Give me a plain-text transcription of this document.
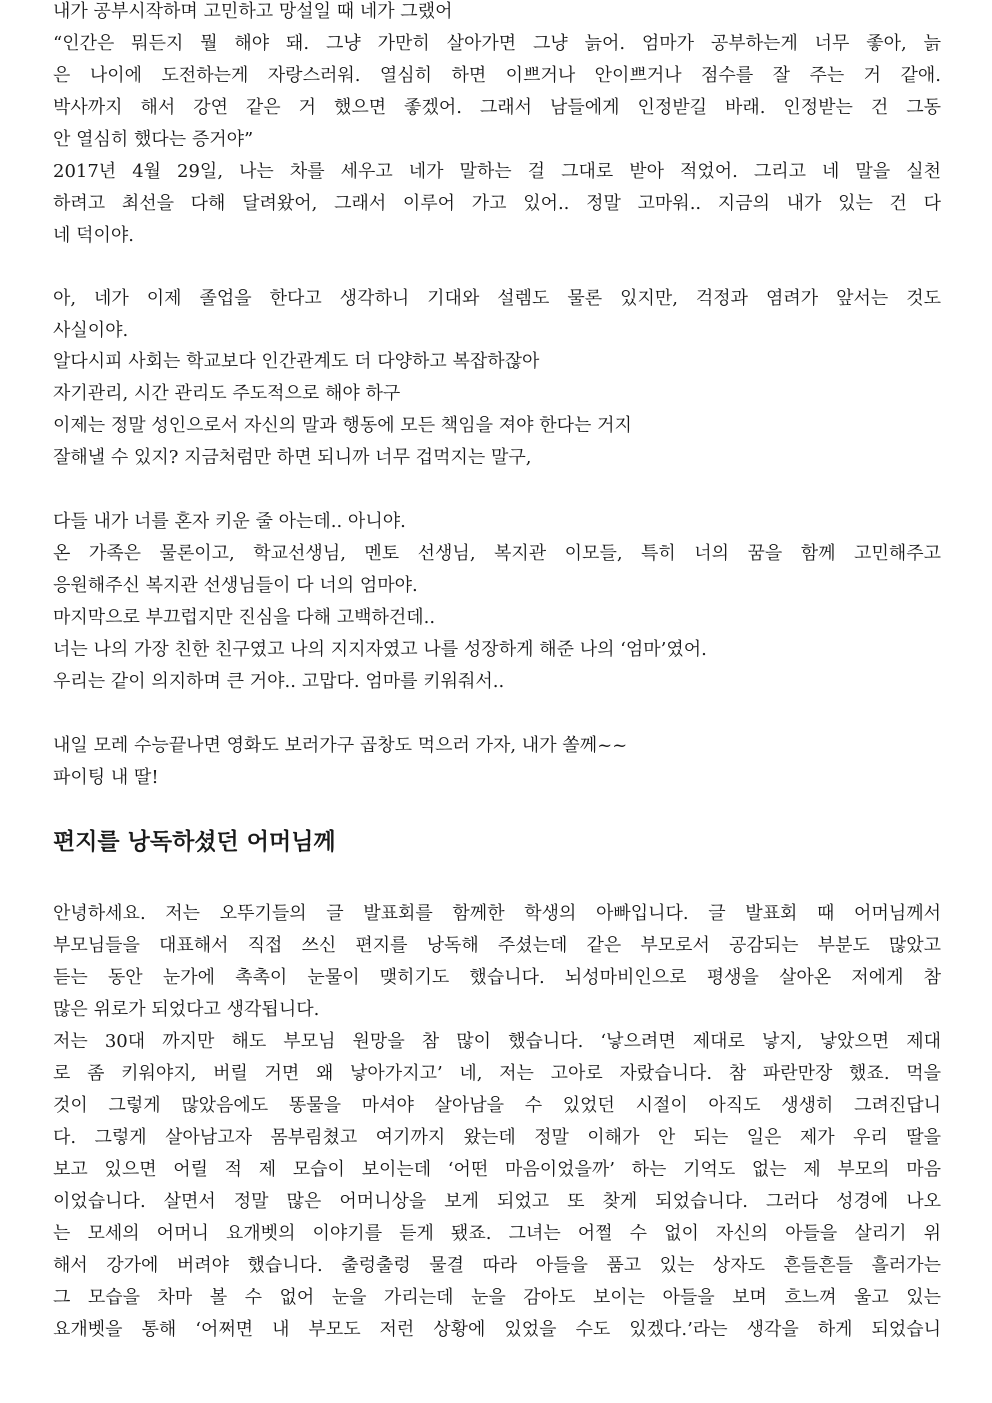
내가 공부시작하며 고민하고 망설일 때 네가 그랬어

“인간은 뭐든지 뭘 해야 돼. 그냥 가만히 살아가면 그냥 늙어. 엄마가 공부하는게 너무 좋아, 늙

은 나이에 도전하는게 자랑스러워. 열심히 하면 이쁘거나 안이쁘거나 점수를 잘 주는 거 같애.

박사까지 해서 강연 같은 거 했으면 좋겠어. 그래서 남들에게 인정받길 바래. 인정받는 건 그동

안 열심히 했다는 증거야”

2017년 4월 29일, 나는 차를 세우고 네가 말하는 걸 그대로 받아 적었어. 그리고 네 말을 실천

하려고 최선을 다해 달려왔어, 그래서 이루어 가고 있어.. 정말 고마워.. 지금의 내가 있는 건 다

네 덕이야.

아, 네가 이제 졸업을 한다고 생각하니 기대와 설렘도 물론 있지만, 걱정과 염려가 앞서는 것도

사실이야.

알다시피 사회는 학교보다 인간관계도 더 다양하고 복잡하잖아

자기관리, 시간 관리도 주도적으로 해야 하구

이제는 정말 성인으로서 자신의 말과 행동에 모든 책임을 져야 한다는 거지

잘해낼 수 있지? 지금처럼만 하면 되니까 너무 겁먹지는 말구,

다들 내가 너를 혼자 키운 줄 아는데.. 아니야.

온 가족은 물론이고, 학교선생님, 멘토 선생님, 복지관 이모들, 특히 너의 꿈을 함께 고민해주고

응원해주신 복지관 선생님들이 다 너의 엄마야.

마지막으로 부끄럽지만 진심을 다해 고백하건데..

너는 나의 가장 친한 친구였고 나의 지지자였고 나를 성장하게 해준 나의 ‘엄마’였어.

우리는 같이 의지하며 큰 거야.. 고맙다. 엄마를 키워줘서..

내일 모레 수능끝나면 영화도 보러가구 곱창도 먹으러 가자, 내가 쏠께~~

파이팅 내 딸!

편지를 낭독하셨던 어머님께

안녕하세요. 저는 오뚜기들의 글 발표회를 함께한 학생의 아빠입니다. 글 발표회 때 어머님께서

부모님들을 대표해서 직접 쓰신 편지를 낭독해 주셨는데 같은 부모로서 공감되는 부분도 많았고

듣는 동안 눈가에 촉촉이 눈물이 맺히기도 했습니다. 뇌성마비인으로 평생을 살아온 저에게 참

많은 위로가 되었다고 생각됩니다.

저는 30대 까지만 해도 부모님 원망을 참 많이 했습니다. ‘낳으려면 제대로 낳지, 낳았으면 제대

로 좀 키워야지, 버릴 거면 왜 낳아가지고’ 네, 저는 고아로 자랐습니다. 참 파란만장 했죠. 먹을

것이 그렇게 많았음에도 똥물을 마셔야 살아남을 수 있었던 시절이 아직도 생생히 그려진답니

다. 그렇게 살아남고자 몸부림쳤고 여기까지 왔는데 정말 이해가 안 되는 일은 제가 우리 딸을

보고 있으면 어릴 적 제 모습이 보이는데 ‘어떤 마음이었을까’ 하는 기억도 없는 제 부모의 마음

이었습니다. 살면서 정말 많은 어머니상을 보게 되었고 또 찾게 되었습니다. 그러다 성경에 나오

는 모세의 어머니 요개벳의 이야기를 듣게 됐죠. 그녀는 어쩔 수 없이 자신의 아들을 살리기 위

해서 강가에 버려야 했습니다. 출렁출렁 물결 따라 아들을 품고 있는 상자도 흔들흔들 흘러가는

그 모습을 차마 볼 수 없어 눈을 가리는데 눈을 감아도 보이는 아들을 보며 흐느껴 울고 있는

요개벳을 통해 ‘어쩌면 내 부모도 저런 상황에 있었을 수도 있겠다.’라는 생각을 하게 되었습니
